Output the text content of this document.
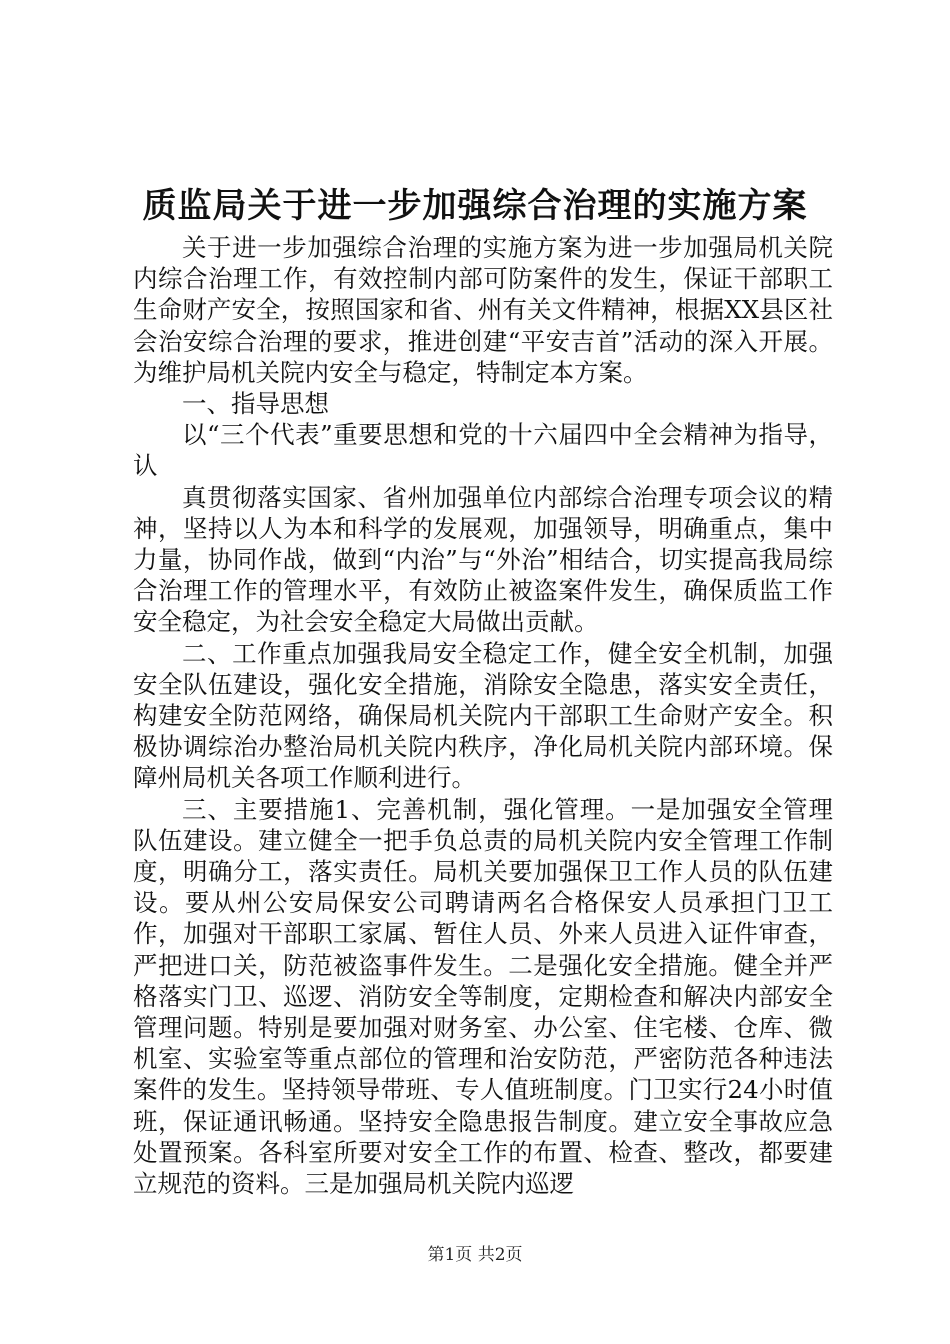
质监局关于进一步加强综合治理的实施方案

关于进一步加强综合治理的实施方案为进一步加强局机关院内综合治理工作，有效控制内部可防案件的发生，保证干部职工生命财产安全，按照国家和省、州有关文件精神，根据XX县区社会治安综合治理的要求，推进创建“平安吉首”活动的深入开展。为维护局机关院内安全与稳定，特制定本方案。

一、指导思想

以“三个代表”重要思想和党的十六届四中全会精神为指导，认

真贯彻落实国家、省州加强单位内部综合治理专项会议的精神，坚持以人为本和科学的发展观，加强领导，明确重点，集中力量，协同作战，做到“内治”与“外治”相结合，切实提高我局综合治理工作的管理水平，有效防止被盗案件发生，确保质监工作安全稳定，为社会安全稳定大局做出贡献。

二、工作重点加强我局安全稳定工作，健全安全机制，加强安全队伍建设，强化安全措施，消除安全隐患，落实安全责任，构建安全防范网络，确保局机关院内干部职工生命财产安全。积极协调综治办整治局机关院内秩序，净化局机关院内部环境。保障州局机关各项工作顺利进行。

三、主要措施1、完善机制，强化管理。一是加强安全管理队伍建设。建立健全一把手负总责的局机关院内安全管理工作制度，明确分工，落实责任。局机关要加强保卫工作人员的队伍建设。要从州公安局保安公司聘请两名合格保安人员承担门卫工作，加强对干部职工家属、暂住人员、外来人员进入证件审查，严把进口关，防范被盗事件发生。二是强化安全措施。健全并严格落实门卫、巡逻、消防安全等制度，定期检查和解决内部安全管理问题。特别是要加强对财务室、办公室、住宅楼、仓库、微机室、实验室等重点部位的管理和治安防范，严密防范各种违法案件的发生。坚持领导带班、专人值班制度。门卫实行24小时值班，保证通讯畅通。坚持安全隐患报告制度。建立安全事故应急处置预案。各科室所要对安全工作的布置、检查、整改，都要建立规范的资料。三是加强局机关院内巡逻

第1页 共2页
